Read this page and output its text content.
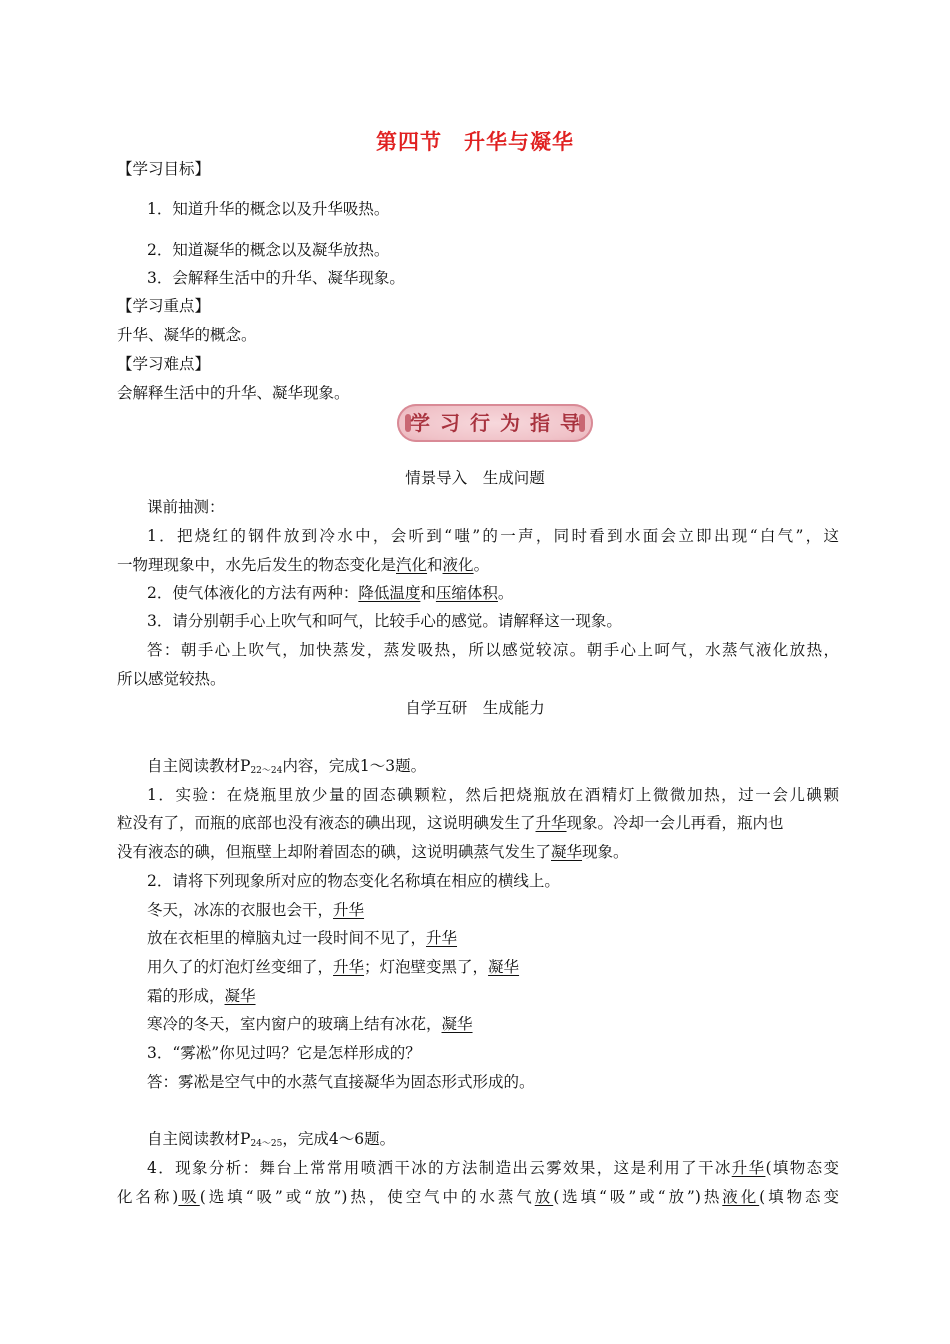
第四节　升华与凝华
【学习目标】
1．知道升华的概念以及升华吸热。
2．知道凝华的概念以及凝华放热。
3．会解释生活中的升华、凝华现象。
【学习重点】
升华、凝华的概念。
【学习难点】
会解释生活中的升华、凝华现象。
学习行为指导
情景导入　生成问题
课前抽测：
1．把烧红的钢件放到冷水中，会听到“嗤”的一声，同时看到水面会立即出现“白气”，这
一物理现象中，水先后发生的物态变化是汽化和液化。
2．使气体液化的方法有两种：降低温度和压缩体积。
3．请分别朝手心上吹气和呵气，比较手心的感觉。请解释这一现象。
答：朝手心上吹气，加快蒸发，蒸发吸热，所以感觉较凉。朝手心上呵气，水蒸气液化放热，
所以感觉较热。
自学互研　生成能力
自主阅读教材$P_{22\sim 24}$内容，完成1～3题。
1．实验：在烧瓶里放少量的固态碘颗粒，然后把烧瓶放在酒精灯上微微加热，过一会儿碘颗
粒没有了，而瓶的底部也没有液态的碘出现，这说明碘发生了升华现象。冷却一会儿再看，瓶内也
没有液态的碘，但瓶壁上却附着固态的碘，这说明碘蒸气发生了凝华现象。
2．请将下列现象所对应的物态变化名称填在相应的横线上。
冬天，冰冻的衣服也会干，升华
放在衣柜里的樟脑丸过一段时间不见了，升华
用久了的灯泡灯丝变细了，升华；灯泡壁变黑了，凝华
霜的形成，凝华
寒冷的冬天，室内窗户的玻璃上结有冰花，凝华
3．“雾凇”你见过吗？它是怎样形成的？
答：雾凇是空气中的水蒸气直接凝华为固态形式形成的。
自主阅读教材$P_{24\sim 25}$，完成4～6题。
4．现象分析：舞台上常常用喷洒干冰的方法制造出云雾效果，这是利用了干冰升华(填物态变
化名称)吸(选填“吸”或“放”)热，使空气中的水蒸气放(选填“吸”或“放”)热液化(填物态变
